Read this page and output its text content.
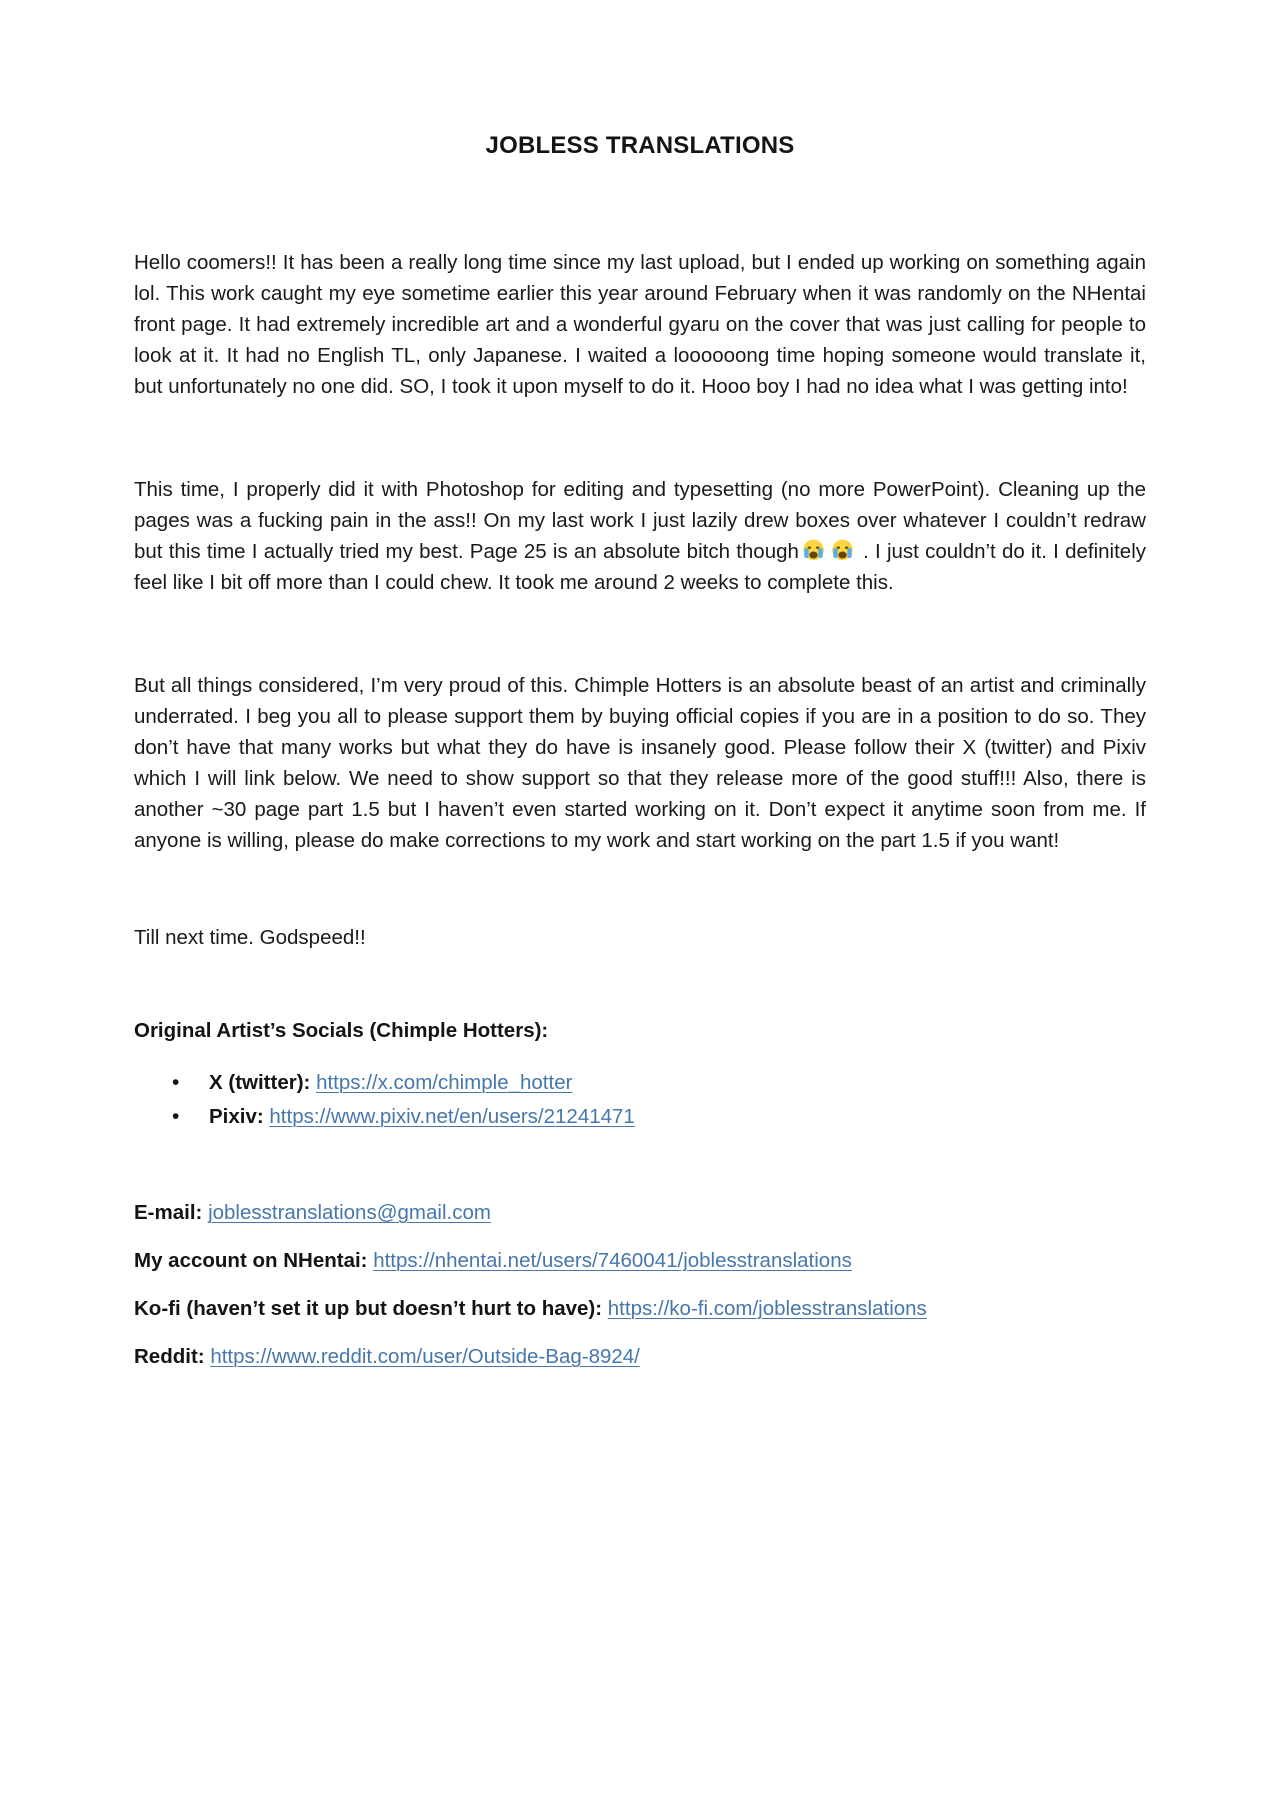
JOBLESS TRANSLATIONS

Hello coomers!! It has been a really long time since my last upload, but I ended up working on something again lol. This work caught my eye sometime earlier this year around February when it was randomly on the NHentai front page. It had extremely incredible art and a wonderful gyaru on the cover that was just calling for people to look at it. It had no English TL, only Japanese. I waited a loooooong time hoping someone would translate it, but unfortunately no one did. SO, I took it upon myself to do it. Hooo boy I had no idea what I was getting into!

This time, I properly did it with Photoshop for editing and typesetting (no more PowerPoint). Cleaning up the pages was a fucking pain in the ass!! On my last work I just lazily drew boxes over whatever I couldn’t redraw but this time I actually tried my best. Page 25 is an absolute bitch though	. I just couldn’t do it. I definitely feel like I bit off more than I could chew. It took me around 2 weeks to complete this.

But all things considered, I’m very proud of this. Chimple Hotters is an absolute beast of an artist and criminally underrated. I beg you all to please support them by buying official copies if you are in a position to do so. They don’t have that many works but what they do have is insanely good. Please follow their X (twitter) and Pixiv which I will link below. We need to show support so that they release more of the good stuff!!! Also, there is another ~30 page part 1.5 but I haven’t even started working on it. Don’t expect it anytime soon from me. If anyone is willing, please do make corrections to my work and start working on the part 1.5 if you want!

Till next time. Godspeed!!

Original Artist’s Socials (Chimple Hotters):

• X (twitter): https://x.com/chimple_hotter
• Pixiv: https://www.pixiv.net/en/users/21241471

E-mail: joblesstranslations@gmail.com

My account on NHentai: https://nhentai.net/users/7460041/joblesstranslations

Ko-fi (haven’t set it up but doesn’t hurt to have): https://ko-fi.com/joblesstranslations

Reddit: https://www.reddit.com/user/Outside-Bag-8924/
